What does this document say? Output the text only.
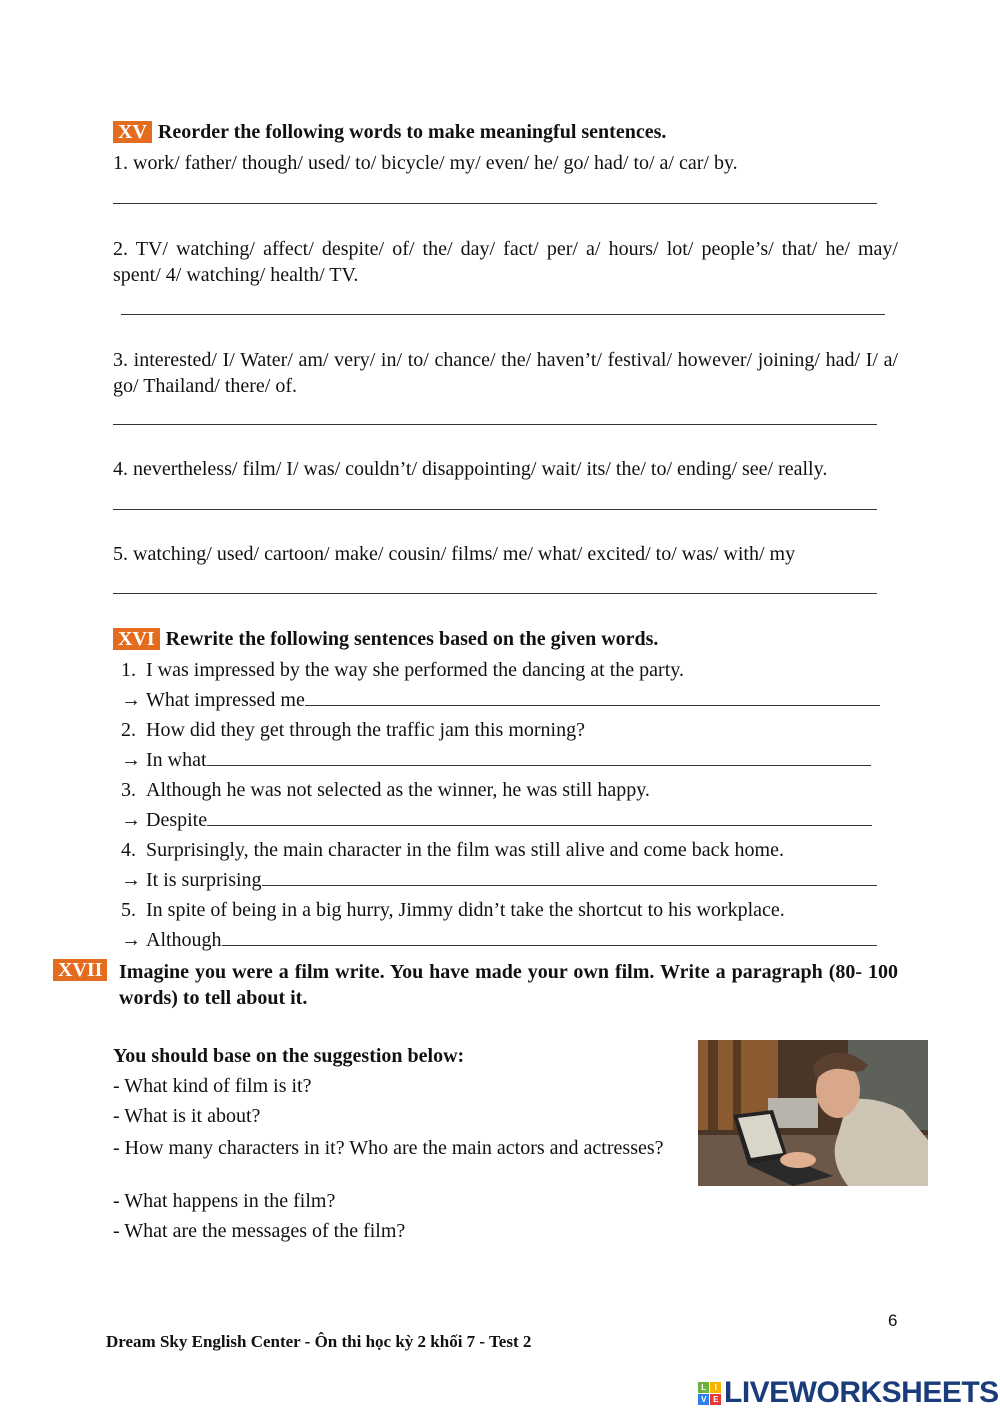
XV Reorder the following words to make meaningful sentences.
1. work/ father/ though/ used/ to/ bicycle/ my/ even/ he/ go/ had/ to/ a/ car/ by.
2. TV/ watching/ affect/ despite/ of/ the/ day/ fact/ per/ a/ hours/ lot/ people’s/ that/ he/ may/ spent/ 4/ watching/ health/ TV.
3. interested/ I/ Water/ am/ very/ in/ to/ chance/ the/ haven’t/ festival/ however/ joining/ had/ I/ a/ go/ Thailand/ there/ of.
4. nevertheless/ film/ I/ was/ couldn’t/ disappointing/ wait/ its/ the/ to/ ending/ see/ really.
5. watching/ used/ cartoon/ make/ cousin/ films/ me/ what/ excited/ to/ was/ with/ my
XVI Rewrite the following sentences based on the given words.
1. I was impressed by the way she performed the dancing at the party.
→
What impressed me
2. How did they get through the traffic jam this morning?
→
In what
3. Although he was not selected as the winner, he was still happy.
→
Despite
4. Surprisingly, the main character in the film was still alive and come back home.
→
It is surprising
5. In spite of being in a big hurry, Jimmy didn’t take the shortcut to his workplace.
→
Although
XVII Imagine you were a film write. You have made your own film. Write a paragraph (80- 100 words) to tell about it.
You should base on the suggestion below:
- What kind of film is it?
- What is it about?
- How many characters in it? Who are the main actors and actresses?
- What happens in the film?
- What are the messages of the film?
6
Dream Sky English Center - Ôn thi học kỳ 2 khối 7 - Test 2
L I
V E LIVEWORKSHEETS
